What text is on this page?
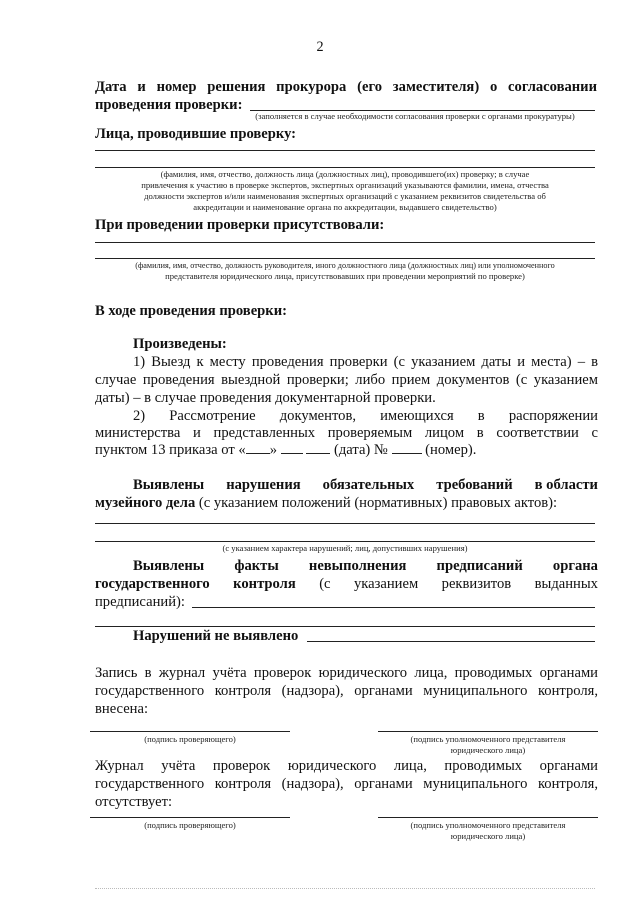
2
Дата и номер решения прокурора (его заместителя) о согласовании
проведения проверки:
(заполняется в случае необходимости согласования проверки с органами прокуратуры)
Лица, проводившие проверку:
(фамилия, имя, отчество, должность лица (должностных лиц), проводившего(их) проверку; в случае
привлечения к участию в проверке экспертов, экспертных организаций указываются фамилии, имена, отчества
должности экспертов и/или наименования экспертных организаций с указанием реквизитов свидетельства об
аккредитации и наименование органа по аккредитации, выдавшего свидетельство)
При проведении проверки присутствовали:
(фамилия, имя, отчество, должность руководителя, иного должностного лица (должностных лиц) или уполномоченного
представителя юридического лица, присутствовавших при проведении мероприятий по проверке)
В ходе проведения проверки:
Произведены:
1) Выезд к месту проведения проверки (с указанием даты и места) – в
случае проведения выездной проверки; либо прием документов (с указанием
даты) – в случае проведения документарной проверки.
2) Рассмотрение документов, имеющихся в распоряжении
министерства и представленных проверяемым лицом в соответствии с
пунктом 13 приказа от « »	(дата) №	(номер).
Выявлены нарушения обязательных требований в области
музейного дела (с указанием положений (нормативных) правовых актов):
(с указанием характера нарушений; лиц, допустивших нарушения)
Выявлены факты невыполнения предписаний органа
государственного контроля (с указанием реквизитов выданных
предписаний):
Нарушений не выявлено
Запись в журнал учёта проверок юридического лица, проводимых органами
государственного контроля (надзора), органами муниципального контроля,
внесена:
(подпись проверяющего)	(подпись уполномоченного представителя
юридического лица)
Журнал учёта проверок юридического лица, проводимых органами
государственного контроля (надзора), органами муниципального контроля,
отсутствует:
(подпись проверяющего)	(подпись уполномоченного представителя
юридического лица)
